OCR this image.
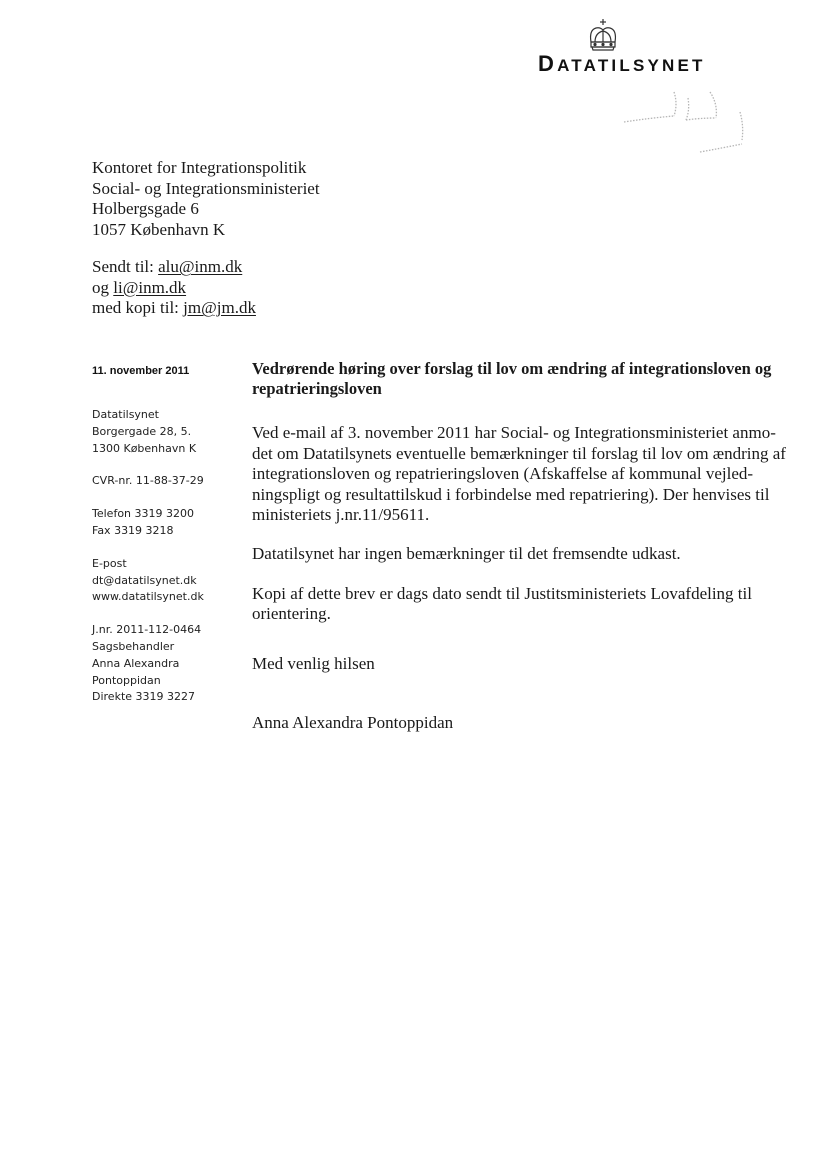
DATATILSYNET
Kontoret for Integrationspolitik
Social- og Integrationsministeriet
Holbergsgade 6
1057 København K
Sendt til: alu@inm.dk
og li@inm.dk
med kopi til: jm@jm.dk
11. november 2011
Datatilsynet
Borgergade 28, 5.
1300 København K
CVR-nr. 11-88-37-29
Telefon 3319 3200
Fax 3319 3218
E-post
dt@datatilsynet.dk
www.datatilsynet.dk
J.nr. 2011-112-0464
Sagsbehandler
Anna Alexandra
Pontoppidan
Direkte 3319 3227
Vedrørende høring over forslag til lov om ændring af integrationsloven og repatrieringsloven
Ved e-mail af 3. november 2011 har Social- og Integrationsministeriet anmo-
det om Datatilsynets eventuelle bemærkninger til forslag til lov om ændring af
integrationsloven og repatrieringsloven (Afskaffelse af kommunal vejled-
ningspligt og resultattilskud i forbindelse med repatriering). Der henvises til
ministeriets j.nr.11/95611.

Datatilsynet har ingen bemærkninger til det fremsendte udkast.

Kopi af dette brev er dags dato sendt til Justitsministeriets Lovafdeling til orientering.

Med venlig hilsen
Anna Alexandra Pontoppidan
